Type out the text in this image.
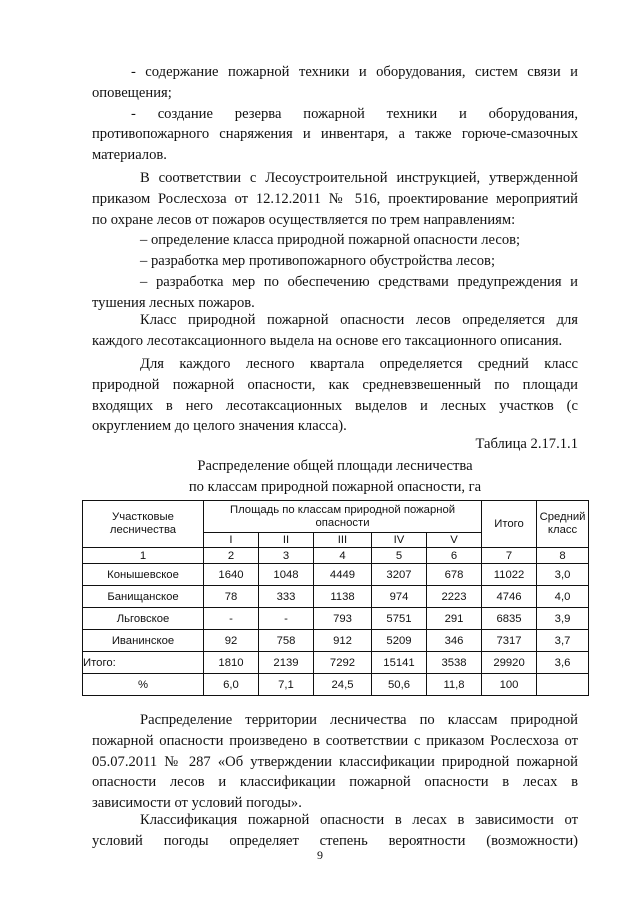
- содержание пожарной техники и оборудования, систем связи и
оповещения;
- создание резерва пожарной техники и оборудования,
противопожарного снаряжения и инвентаря, а также горюче-смазочных
материалов.
В соответствии с Лесоустроительной инструкцией, утвержденной
приказом Рослесхоза от 12.12.2011 № 516, проектирование мероприятий
по охране лесов от пожаров осуществляется по трем направлениям:
– определение класса природной пожарной опасности лесов;
– разработка мер противопожарного обустройства лесов;
– разработка мер по обеспечению средствами предупреждения и
тушения лесных пожаров.
Класс природной пожарной опасности лесов определяется для
каждого лесотаксационного выдела на основе его таксационного описания.
Для каждого лесного квартала определяется средний класс
природной пожарной опасности, как средневзвешенный по площади
входящих в него лесотаксационных выделов и лесных участков (с
округлением до целого значения класса).
Таблица 2.17.1.1
Распределение общей площади лесничества
по классам природной пожарной опасности, га
Участковые лесничества	Площадь по классам природной пожарной опасности					Итого	Средний класс
	I	II	III	IV	V		
1	2	3	4	5	6	7	8
Конышевское	1640	1048	4449	3207	678	11022	3,0
Банищанское	78	333	1138	974	2223	4746	4,0
Льговское	-	-	793	5751	291	6835	3,9
Иванинское	92	758	912	5209	346	7317	3,7
Итого:	1810	2139	7292	15141	3538	29920	3,6
%	6,0	7,1	24,5	50,6	11,8	100	
Распределение территории лесничества по классам природной
пожарной опасности произведено в соответствии с приказом Рослесхоза от
05.07.2011 № 287 «Об утверждении классификации природной пожарной
опасности лесов и классификации пожарной опасности в лесах в
зависимости от условий погоды».
Классификация пожарной опасности в лесах в зависимости от
условий погоды определяет степень вероятности (возможности)
9
